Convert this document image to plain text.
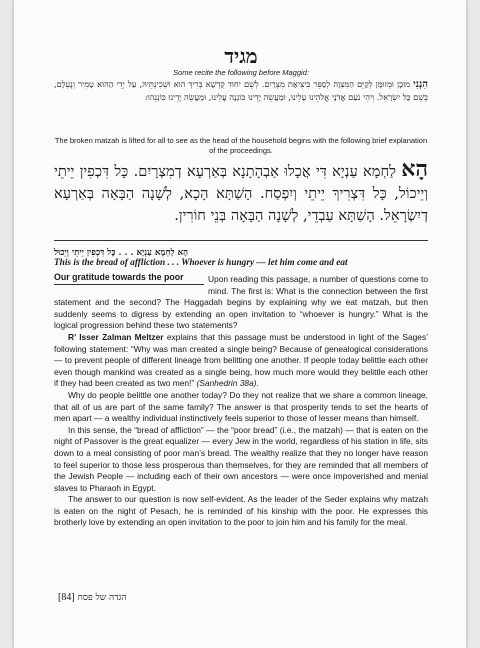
מגיד
Some recite the following before Maggid:
הִנְנִי מוּכָן וּמְזוּמָּן לְקַיֵּם הַמִּצְוָה לְסַפֵּר בִּיצִיאַת מִצְרַיִם. לְשֵׁם יִחוּד קֻדְשָׁא בְּרִיךְ הוּא וּשְׁכִינְתֵּיהּ, עַל יְדֵי הַהוּא טָמִיר וְנֶעְלָם, בְּשֵׁם כָּל יִשְׂרָאֵל. וִיהִי נֹעַם אֲדֹנָי אֱלֹהֵינוּ עָלֵינוּ, וּמַעֲשֵׂה יָדֵינוּ כּוֹנְנָה עָלֵינוּ, וּמַעֲשֵׂה יָדֵינוּ כּוֹנְנֵהוּ:
The broken matzah is lifted for all to see as the head of the household begins with the following brief explanation of the proceedings.
הָא לַחְמָא עַנְיָא דִּי אֲכָלוּ אַבְהָתָנָא בְּאַרְעָא דְמִצְרָיִם. כָּל דִּכְפִין יֵיתֵי וְיֵיכוֹל, כָּל דִּצְרִיךְ יֵיתֵי וְיִפְסַח. הָשַׁתָּא הָכָא, לְשָׁנָה הַבָּאָה בְּאַרְעָא דְיִשְׂרָאֵל. הָשַׁתָּא עַבְדֵי, לְשָׁנָה הַבָּאָה בְּנֵי חוֹרִין.
הָא לַחְמָא עַנְיָא . . . כָּל דִּכְפִין יֵיתֵי וְיֵכוּל
This is the bread of affliction . . . Whoever is hungry — let him come and eat
Our gratitude towards the poor	Upon reading this passage, a number of questions come to mind. The first is: What is the connection between the first statement and the second? The Haggadah begins by explaining why we eat matzah, but then suddenly seems to digress by extending an open invitation to “whoever is hungry.” What is the logical progression behind these two statements?

R’ Isser Zalman Meltzer explains that this passage must be understood in light of the Sages’ following statement: “Why was man created a single being? Because of genealogical considerations — to prevent people of different lineage from belitting one another. If people today belittle each other even though mankind was created as a single being, how much more would they belittle each other if they had been created as two men!” (Sanhedrin 38a).

Why do people belittle one another today? Do they not realize that we share a common lineage, that all of us are part of the same family? The answer is that prosperity tends to set the hearts of men apart — a wealthy individual instinctively feels superior to those of lesser means than himself.

In this sense, the “bread of affliction” — the “poor bread” (i.e., the matzah) — that is eaten on the night of Passover is the great equalizer — every Jew in the world, regardless of his station in life, sits down to a meal consisting of poor man’s bread. The wealthy realize that they no longer have reason to feel superior to those less prosperous than themselves, for they are reminded that all members of the Jewish People — including each of their own ancestors — were once impoverished and menial slaves to Pharaoh in Egypt.

The answer to our question is now self-evident. As the leader of the Seder explains why matzah is eaten on the night of Pesach, he is reminded of his kinship with the poor. He expresses this brotherly love by extending an open invitation to the poor to join him and his family for the meal.

הגדה של פסח [84]
